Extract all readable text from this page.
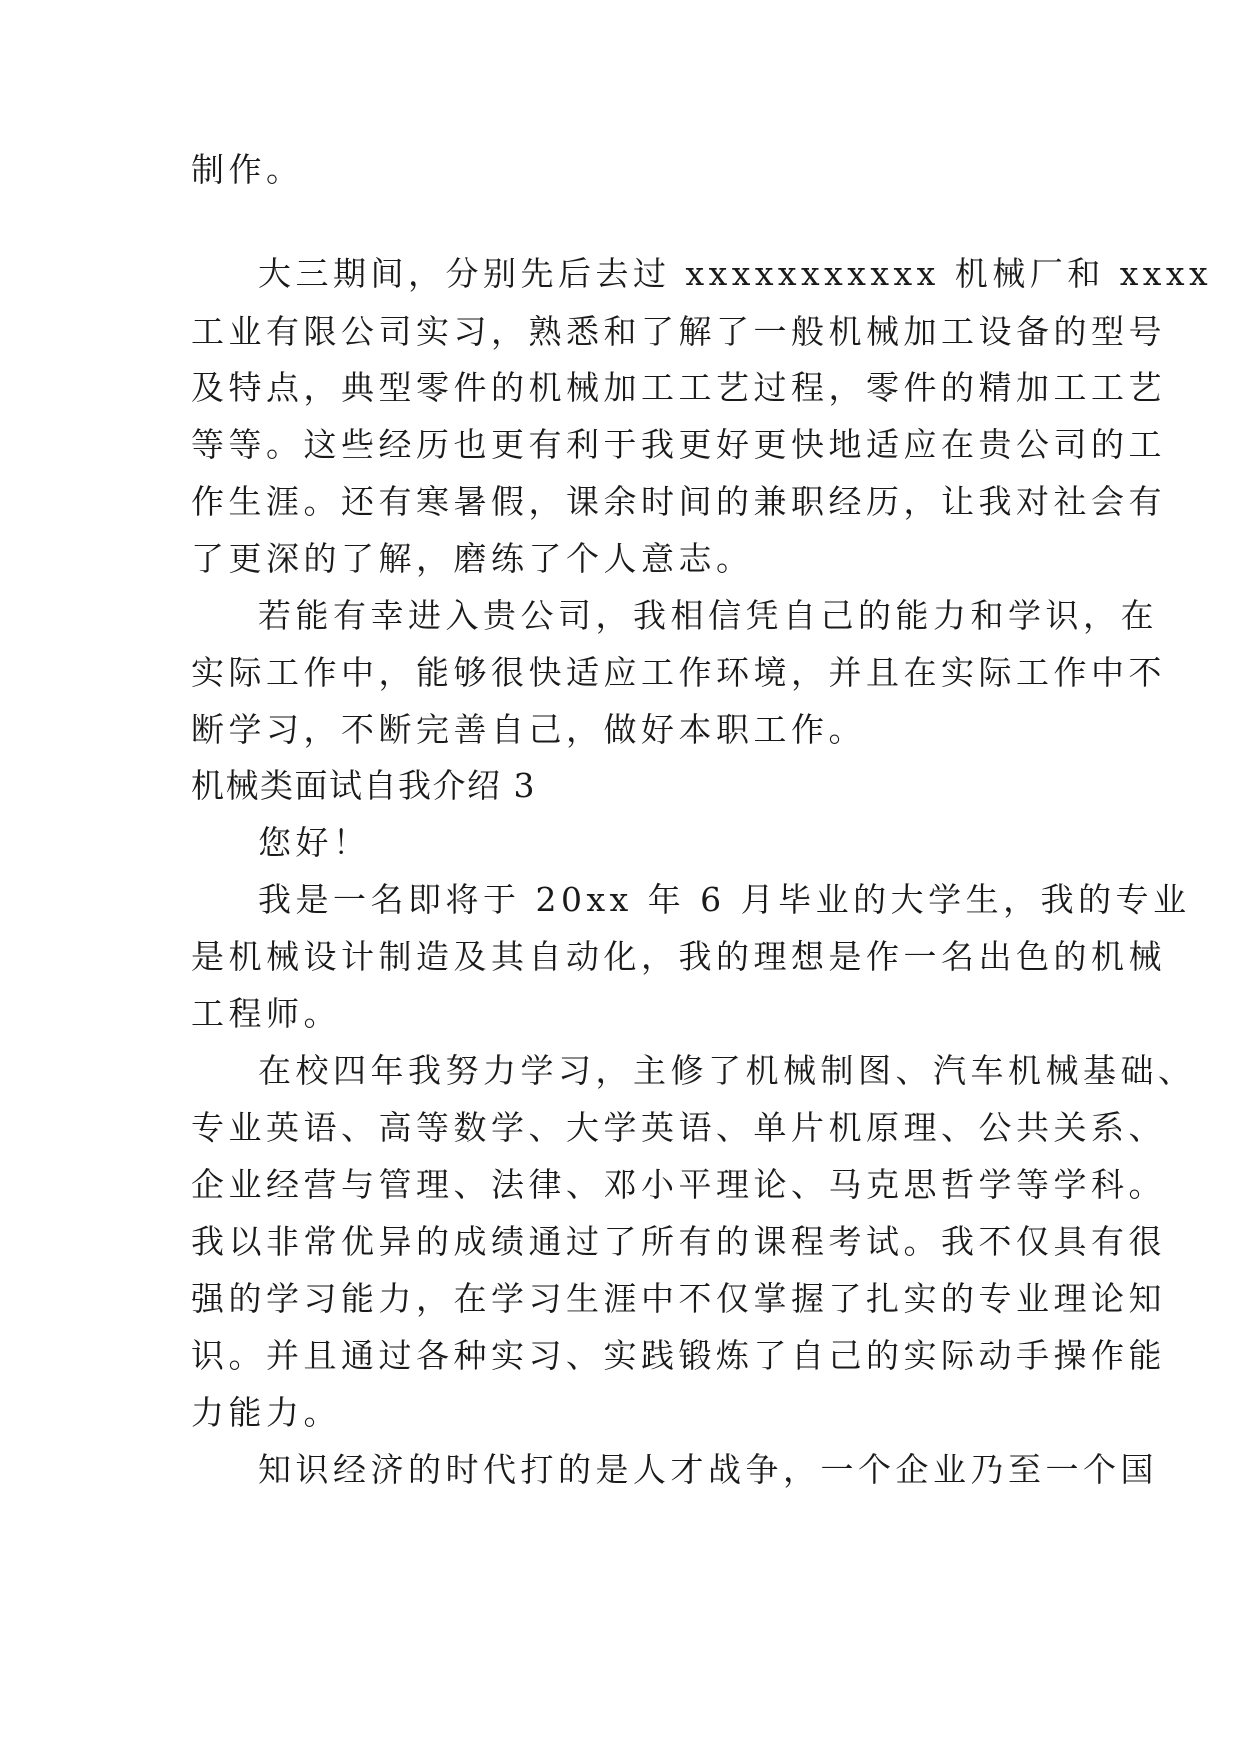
制作。
大三期间，分别先后去过 xxxxxxxxxxx 机械厂和 xxxx
工业有限公司实习，熟悉和了解了一般机械加工设备的型号
及特点，典型零件的机械加工工艺过程，零件的精加工工艺
等等。这些经历也更有利于我更好更快地适应在贵公司的工
作生涯。还有寒暑假，课余时间的兼职经历，让我对社会有
了更深的了解，磨练了个人意志。
若能有幸进入贵公司，我相信凭自己的能力和学识，在
实际工作中，能够很快适应工作环境，并且在实际工作中不
断学习，不断完善自己，做好本职工作。
机械类面试自我介绍 3
您好！
我是一名即将于 20xx 年 6 月毕业的大学生，我的专业
是机械设计制造及其自动化，我的理想是作一名出色的机械
工程师。
在校四年我努力学习，主修了机械制图、汽车机械基础、
专业英语、高等数学、大学英语、单片机原理、公共关系、
企业经营与管理、法律、邓小平理论、马克思哲学等学科。
我以非常优异的成绩通过了所有的课程考试。我不仅具有很
强的学习能力，在学习生涯中不仅掌握了扎实的专业理论知
识。并且通过各种实习、实践锻炼了自己的实际动手操作能
力能力。
知识经济的时代打的是人才战争，一个企业乃至一个国
